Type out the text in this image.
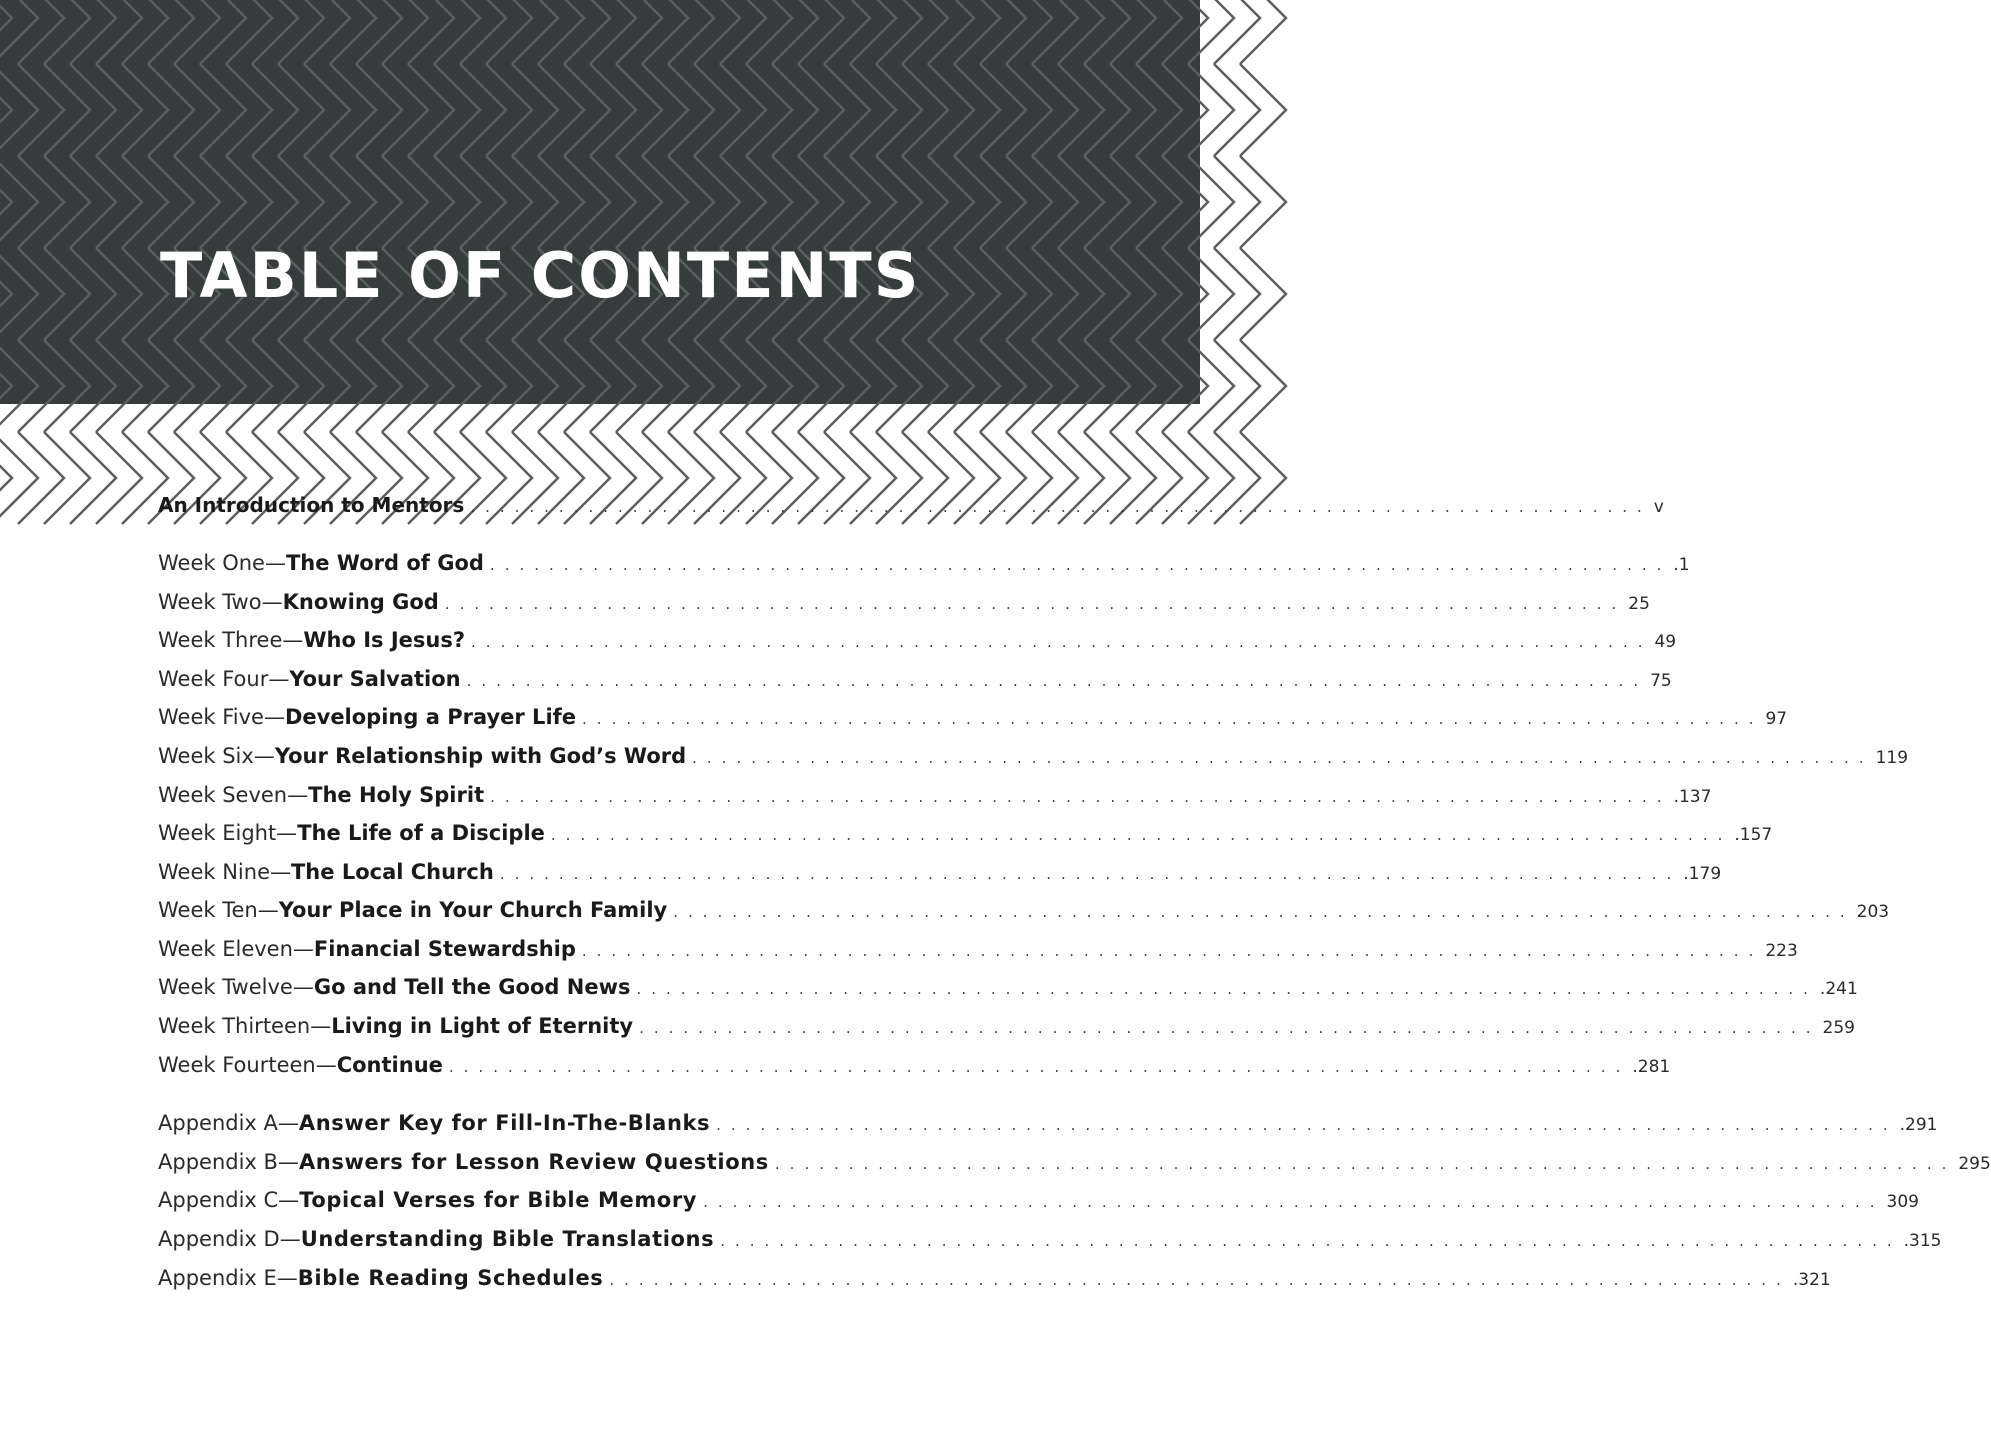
TABLE OF CONTENTS
An Introduction to Mentors ................................................................................ v
Week One—The Word of God ................................................................................ .1
Week Two—Knowing God ................................................................................ 25
Week Three—Who Is Jesus? ................................................................................ 49
Week Four—Your Salvation ................................................................................ 75
Week Five—Developing a Prayer Life ................................................................................ 97
Week Six—Your Relationship with God’s Word ................................................................................ 119
Week Seven—The Holy Spirit ................................................................................ .137
Week Eight—The Life of a Disciple ................................................................................ .157
Week Nine—The Local Church ................................................................................ .179
Week Ten—Your Place in Your Church Family ................................................................................ 203
Week Eleven—Financial Stewardship ................................................................................ 223
Week Twelve—Go and Tell the Good News ................................................................................ .241
Week Thirteen—Living in Light of Eternity ................................................................................ 259
Week Fourteen—Continue ................................................................................ .281
Appendix A—Answer Key for Fill-In-The-Blanks ................................................................................ .291
Appendix B—Answers for Lesson Review Questions ................................................................................ 295
Appendix C—Topical Verses for Bible Memory ................................................................................ 309
Appendix D—Understanding Bible Translations ................................................................................ .315
Appendix E—Bible Reading Schedules ................................................................................ .321
